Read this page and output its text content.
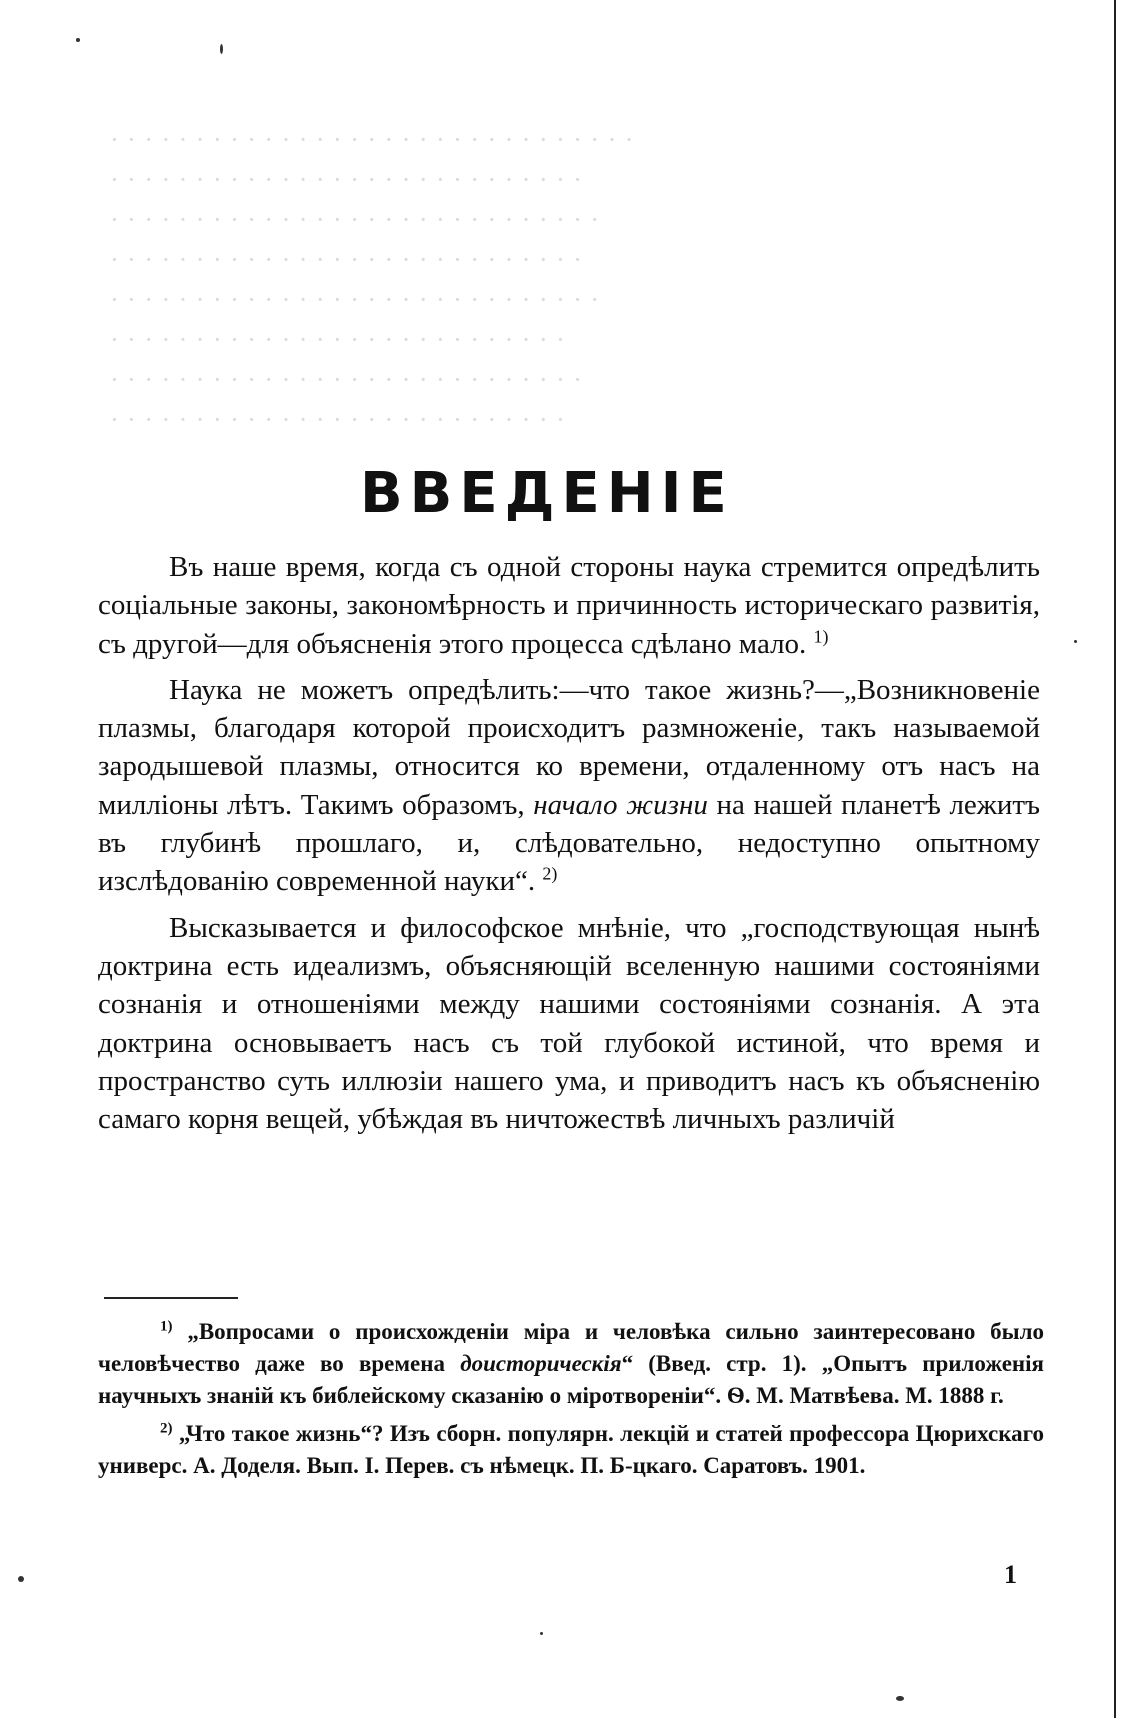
· · · · · · · · · · · · · · · · · · · · · · · · · · · · · · ·
· · · · · · · · · · · · · · · · · · · · · · · · · · · ·
· · · · · · · · · · · · · · · · · · · · · · · · · · · · ·
· · · · · · · · · · · · · · · · · · · · · · · · · · · ·
· · · · · · · · · · · · · · · · · · · · · · · · · · · · ·
· · · · · · · · · · · · · · · · · · · · · · · · · · ·
· · · · · · · · · · · · · · · · · · · · · · · · · · · ·
· · · · · · · · · · · · · · · · · · · · · · · · · · ·
ВВЕДЕНІЕ

Въ наше время, когда съ одной стороны наука стремится опредѣлить соціальные законы, закономѣрность и причинность историческаго развитія, съ другой—для объясненія этого процесса сдѣлано мало. $^{1)}$

Наука не можетъ опредѣлить:—что такое жизнь?—„Возникновеніе плазмы, благодаря которой происходитъ размноженіе, такъ называемой зародышевой плазмы, относится ко времени, отдаленному отъ насъ на милліоны лѣтъ. Такимъ образомъ, начало жизни на нашей планетѣ лежитъ въ глубинѣ прошлаго, и, слѣдовательно, недоступно опытному изслѣдованію современной науки“. $^{2)}$

Высказывается и философское мнѣніе, что „господствующая нынѣ доктрина есть идеализмъ, объясняющій вселенную нашими состояніями сознанія и отношеніями между нашими состояніями сознанія. А эта доктрина основываетъ насъ съ той глубокой истиной, что время и пространство суть иллюзіи нашего ума, и приводитъ насъ къ объясненію самаго корня вещей, убѣждая въ ничтожествѣ личныхъ различій

$^{1)}$ „Вопросами о происхожденіи міра и человѣка сильно заинтересовано было человѣчество даже во времена доисторическія“ (Введ. стр. 1). „Опытъ приложенія научныхъ знаній къ библейскому сказанію о міротвореніи“. Ѳ. М. Матвѣева. М. 1888 г.

$^{2)}$ „Что такое жизнь“? Изъ сборн. популярн. лекцій и статей профессора Цюрихскаго универс. А. Доделя. Вып. I. Перев. съ нѣмецк. П. Б-цкаго. Саратовъ. 1901.

1
